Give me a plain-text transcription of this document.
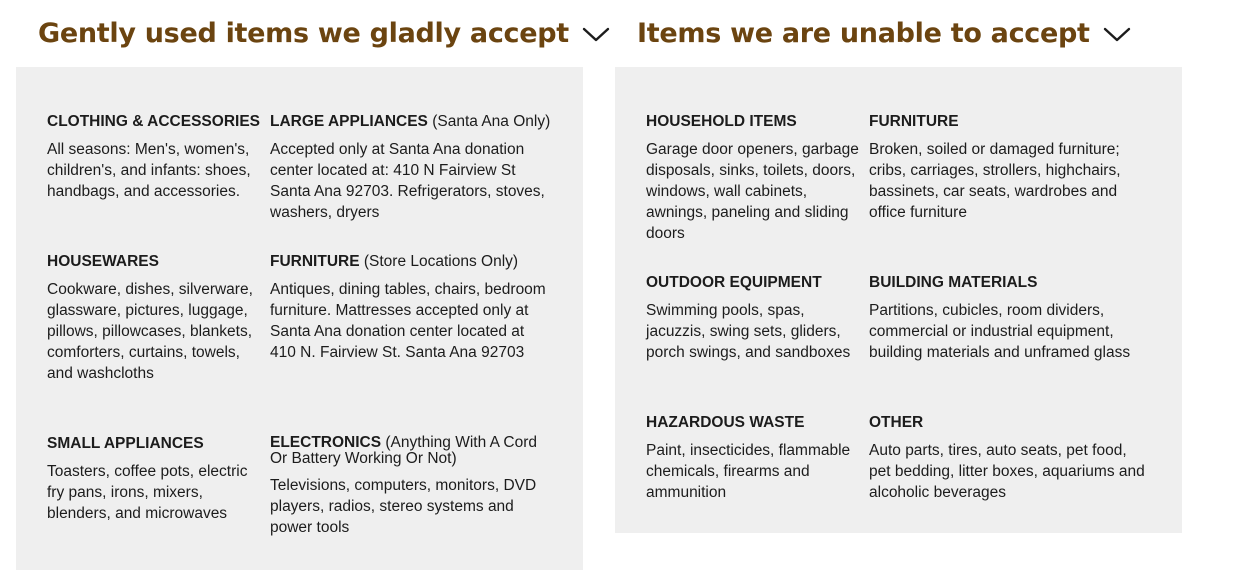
Gently used items we gladly accept
CLOTHING & ACCESSORIES
All seasons: Men's, women's, children's, and infants: shoes, handbags, and accessories.
LARGE APPLIANCES (Santa Ana Only)
Accepted only at Santa Ana donation center located at: 410 N Fairview St Santa Ana 92703. Refrigerators, stoves, washers, dryers
HOUSEWARES
Cookware, dishes, silverware, glassware, pictures, luggage, pillows, pillowcases, blankets, comforters, curtains, towels, and washcloths
FURNITURE (Store Locations Only)
Antiques, dining tables, chairs, bedroom furniture. Mattresses accepted only at Santa Ana donation center located at 410 N. Fairview St. Santa Ana 92703
SMALL APPLIANCES
Toasters, coffee pots, electric fry pans, irons, mixers, blenders, and microwaves
ELECTRONICS (Anything With A Cord Or Battery Working Or Not)
Televisions, computers, monitors, DVD players, radios, stereo systems and power tools
Items we are unable to accept
HOUSEHOLD ITEMS
Garage door openers, garbage disposals, sinks, toilets, doors, windows, wall cabinets, awnings, paneling and sliding doors
FURNITURE
Broken, soiled or damaged furniture; cribs, carriages, strollers, highchairs, bassinets, car seats, wardrobes and office furniture
OUTDOOR EQUIPMENT
Swimming pools, spas, jacuzzis, swing sets, gliders, porch swings, and sandboxes
BUILDING MATERIALS
Partitions, cubicles, room dividers, commercial or industrial equipment, building materials and unframed glass
HAZARDOUS WASTE
Paint, insecticides, flammable chemicals, firearms and ammunition
OTHER
Auto parts, tires, auto seats, pet food, pet bedding, litter boxes, aquariums and alcoholic beverages
